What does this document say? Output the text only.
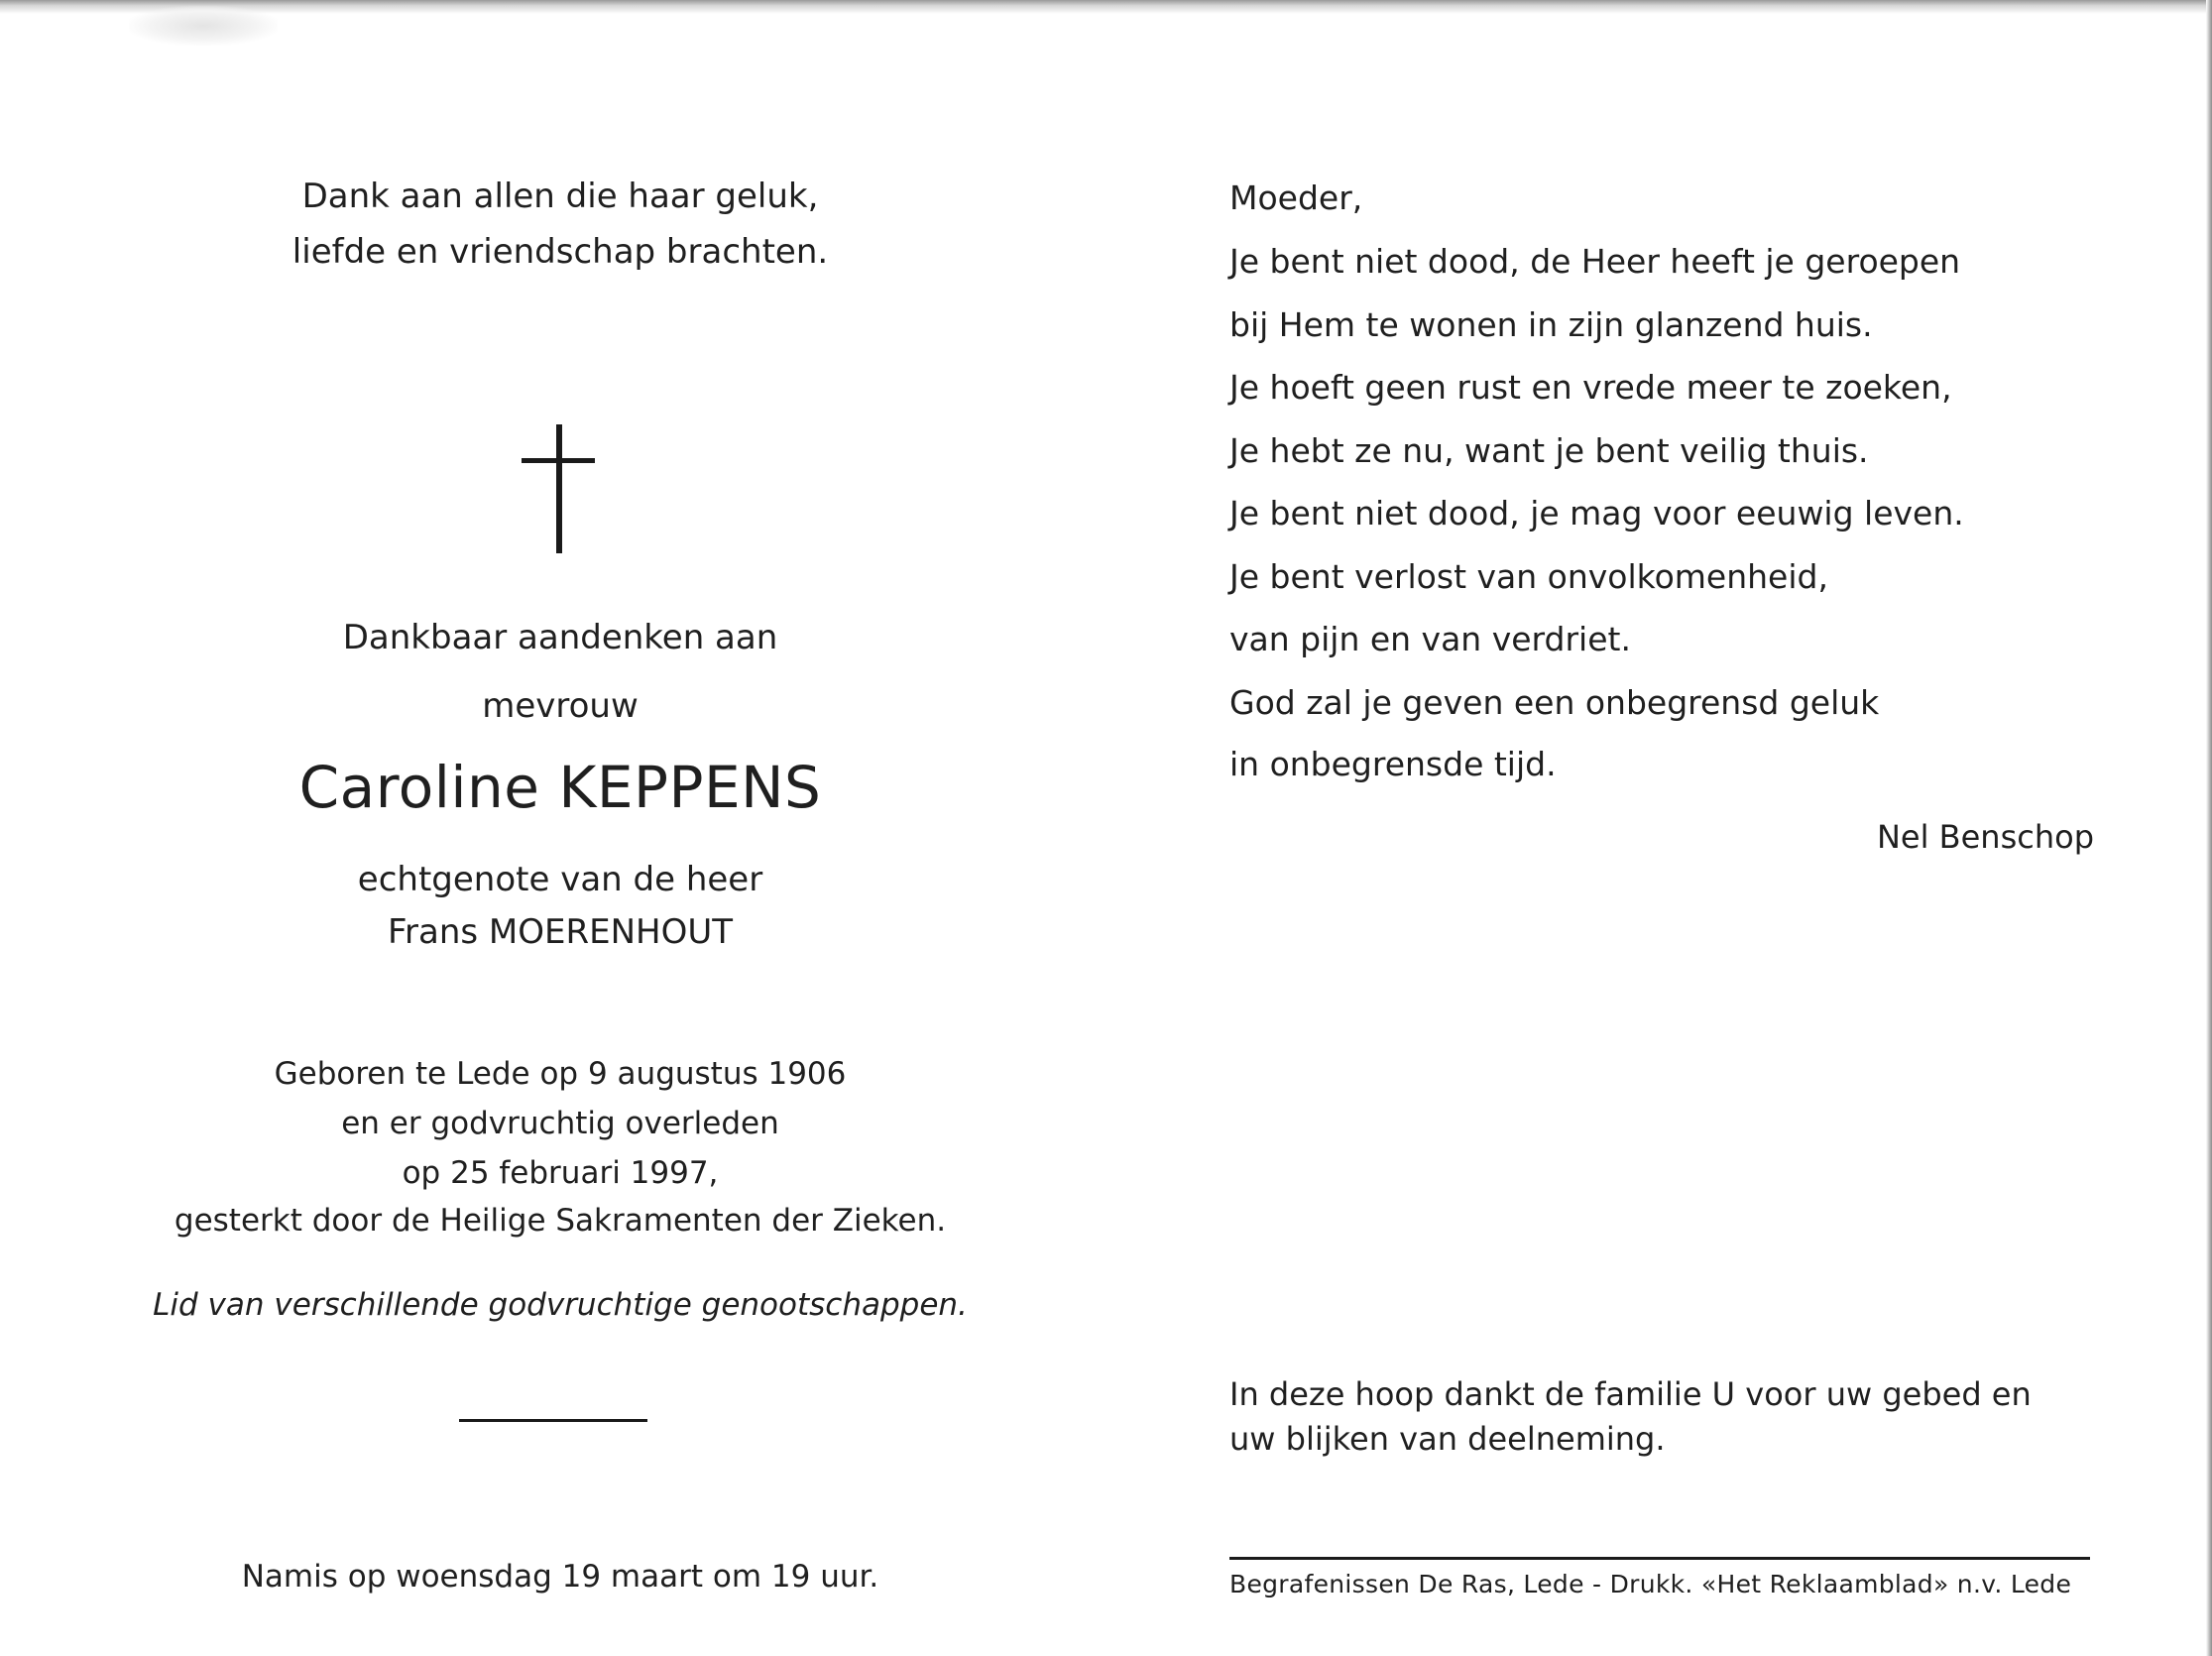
Dank aan allen die haar geluk,
liefde en vriendschap brachten.
Dankbaar aandenken aan
mevrouw
Caroline KEPPENS
echtgenote van de heer
Frans MOERENHOUT
Geboren te Lede op 9 augustus 1906
en er godvruchtig overleden
op 25 februari 1997,
gesterkt door de Heilige Sakramenten der Zieken.
Lid van verschillende godvruchtige genootschappen.
Namis op woensdag 19 maart om 19 uur.
Moeder,
Je bent niet dood, de Heer heeft je geroepen
bij Hem te wonen in zijn glanzend huis.
Je hoeft geen rust en vrede meer te zoeken,
Je hebt ze nu, want je bent veilig thuis.
Je bent niet dood, je mag voor eeuwig leven.
Je bent verlost van onvolkomenheid,
van pijn en van verdriet.
God zal je geven een onbegrensd geluk
in onbegrensde tijd.
Nel Benschop
In deze hoop dankt de familie U voor uw gebed en
uw blijken van deelneming.
Begrafenissen De Ras, Lede - Drukk. «Het Reklaamblad» n.v. Lede
